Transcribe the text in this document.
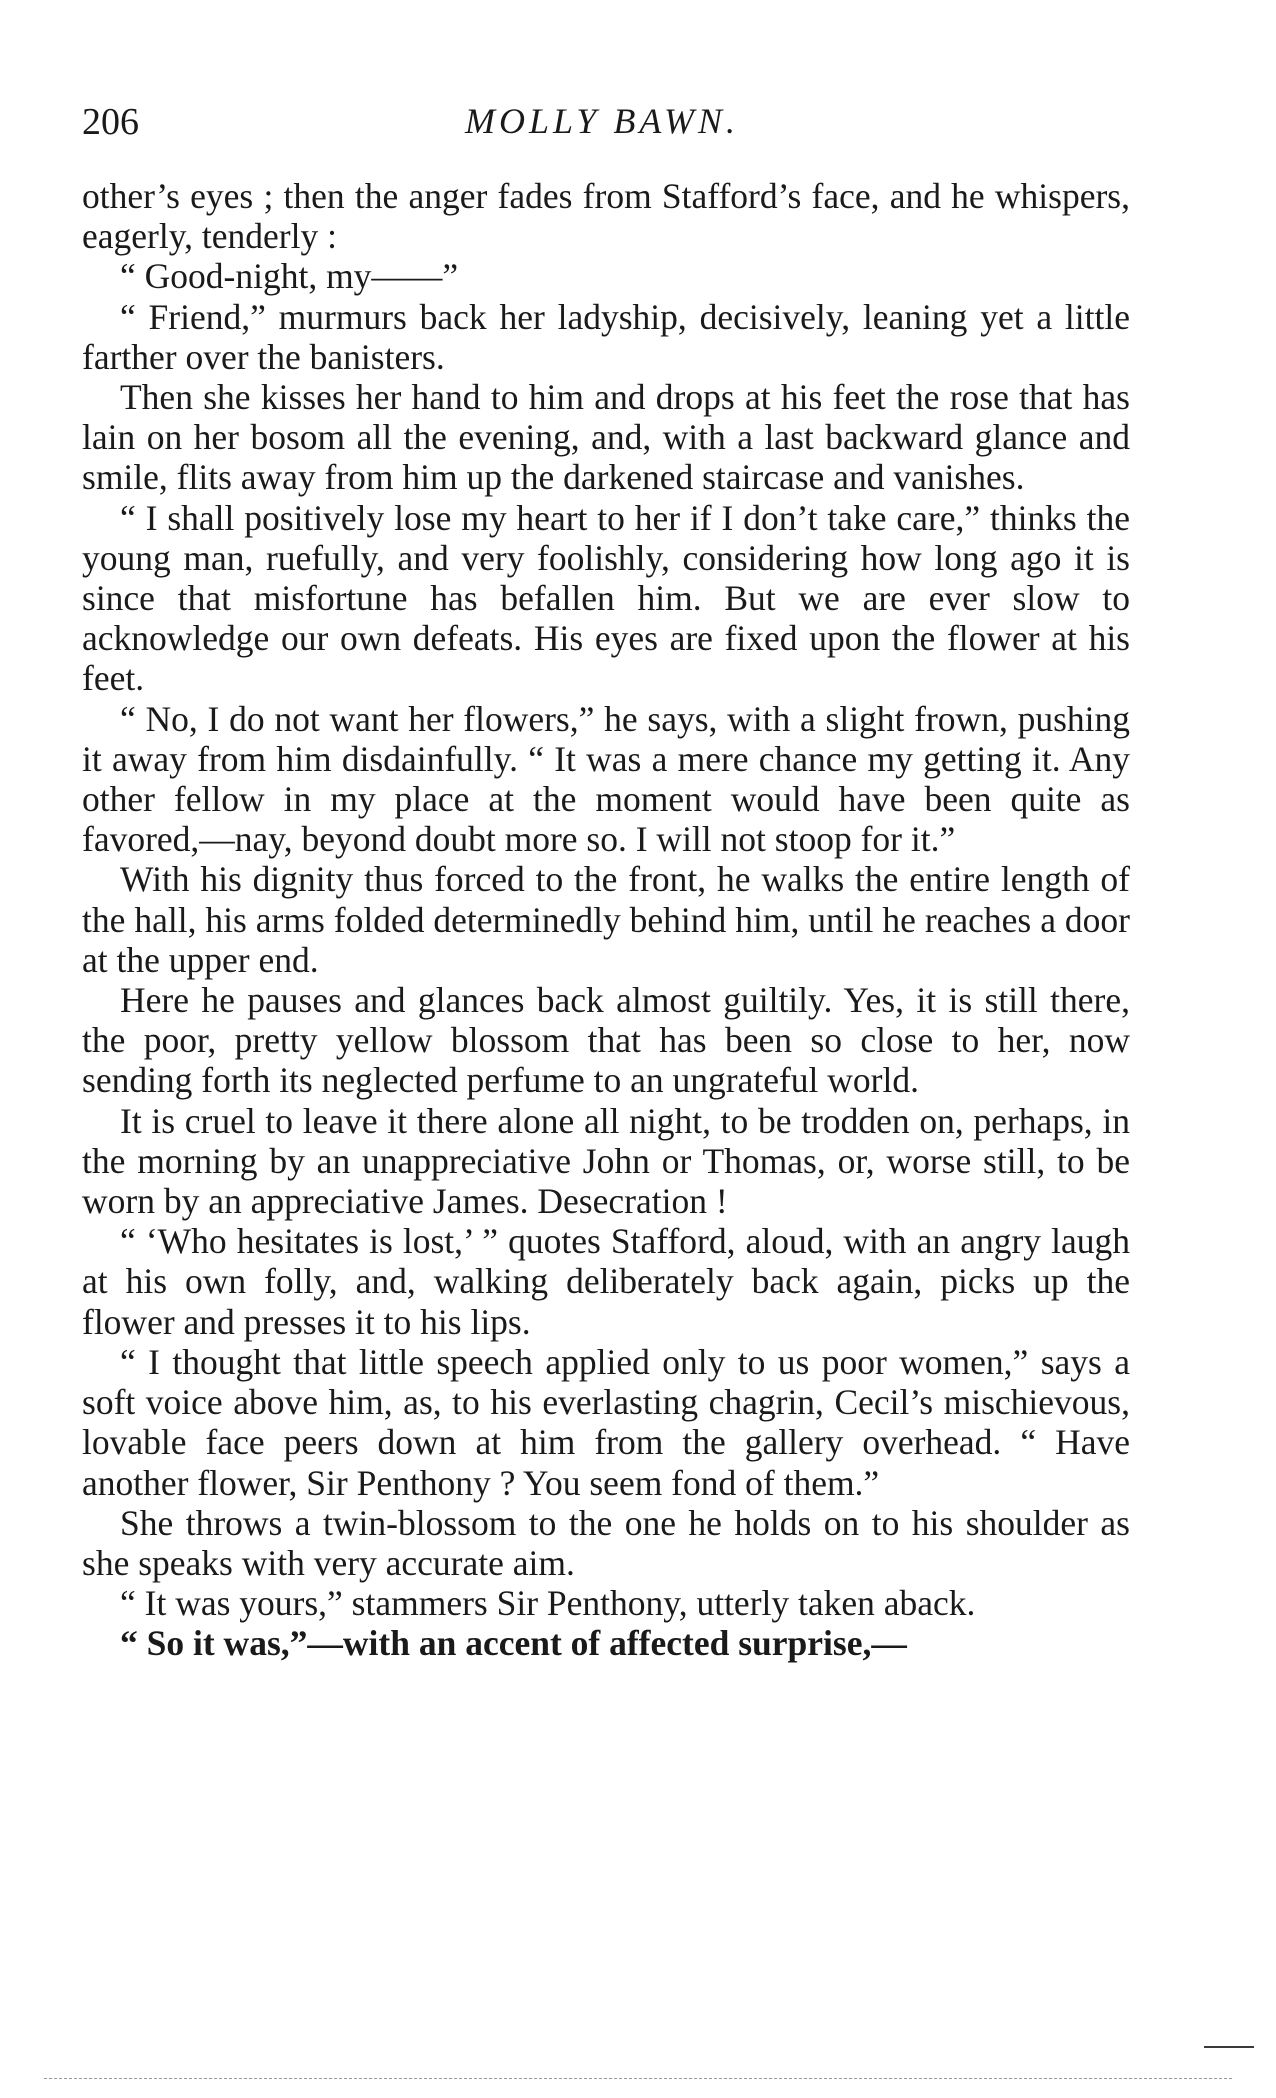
206	MOLLY BAWN.

other’s eyes ; then the anger fades from Stafford’s face, and he whispers, eagerly, tenderly :

“ Good-night, my——”

“ Friend,” murmurs back her ladyship, decisively, leaning yet a little farther over the banisters.

Then she kisses her hand to him and drops at his feet the rose that has lain on her bosom all the evening, and, with a last backward glance and smile, flits away from him up the darkened staircase and vanishes.

“ I shall positively lose my heart to her if I don’t take care,” thinks the young man, ruefully, and very foolishly, considering how long ago it is since that misfortune has befallen him. But we are ever slow to acknowledge our own defeats. His eyes are fixed upon the flower at his feet.

“ No, I do not want her flowers,” he says, with a slight frown, pushing it away from him disdainfully. “ It was a mere chance my getting it. Any other fellow in my place at the moment would have been quite as favored,—nay, beyond doubt more so. I will not stoop for it.”

With his dignity thus forced to the front, he walks the entire length of the hall, his arms folded determinedly behind him, until he reaches a door at the upper end.

Here he pauses and glances back almost guiltily. Yes, it is still there, the poor, pretty yellow blossom that has been so close to her, now sending forth its neglected perfume to an ungrateful world.

It is cruel to leave it there alone all night, to be trodden on, perhaps, in the morning by an unappreciative John or Thomas, or, worse still, to be worn by an appreciative James. Desecration !

“ ‘Who hesitates is lost,’ ” quotes Stafford, aloud, with an angry laugh at his own folly, and, walking deliberately back again, picks up the flower and presses it to his lips.

“ I thought that little speech applied only to us poor women,” says a soft voice above him, as, to his everlasting chagrin, Cecil’s mischievous, lovable face peers down at him from the gallery overhead. “ Have another flower, Sir Penthony ? You seem fond of them.”

She throws a twin-blossom to the one he holds on to his shoulder as she speaks with very accurate aim.

“ It was yours,” stammers Sir Penthony, utterly taken aback.

“ So it was,”—with an accent of affected surprise,—
